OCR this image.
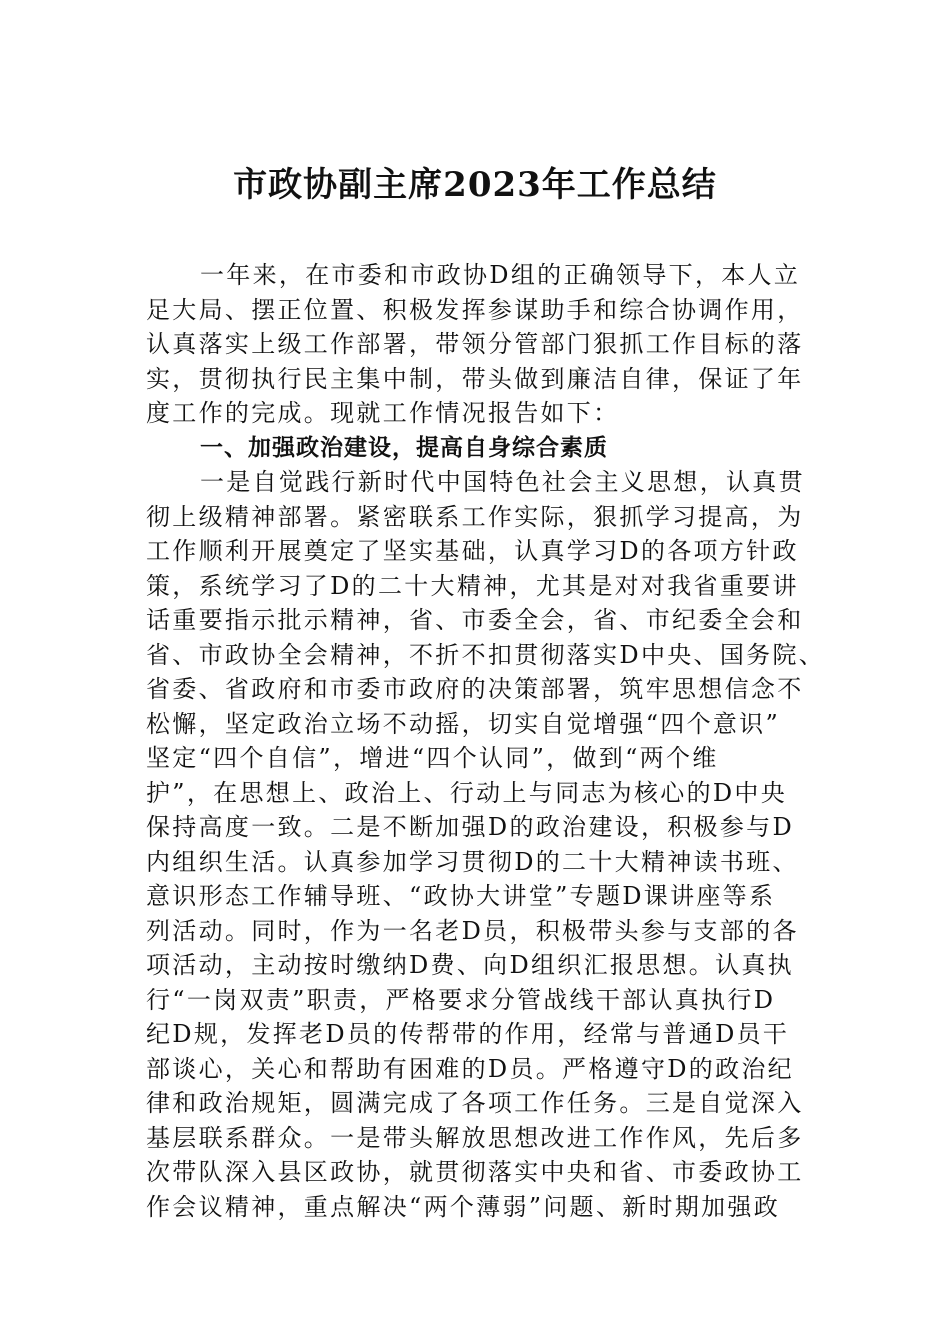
市政协副主席2023年工作总结
一年来，在市委和市政协D组的正确领导下，本人立
足大局、摆正位置、积极发挥参谋助手和综合协调作用，
认真落实上级工作部署，带领分管部门狠抓工作目标的落
实，贯彻执行民主集中制，带头做到廉洁自律，保证了年
度工作的完成。现就工作情况报告如下：
一、加强政治建设，提高自身综合素质
一是自觉践行新时代中国特色社会主义思想，认真贯
彻上级精神部署。紧密联系工作实际，狠抓学习提高，为
工作顺利开展奠定了坚实基础，认真学习D的各项方针政
策，系统学习了D的二十大精神，尤其是对对我省重要讲
话重要指示批示精神，省、市委全会，省、市纪委全会和
省、市政协全会精神，不折不扣贯彻落实D中央、国务院、
省委、省政府和市委市政府的决策部署，筑牢思想信念不
松懈，坚定政治立场不动摇，切实自觉增强“四个意识”
坚定“四个自信”，增进“四个认同”，做到“两个维
护”，在思想上、政治上、行动上与同志为核心的D中央
保持高度一致。二是不断加强D的政治建设，积极参与D
内组织生活。认真参加学习贯彻D的二十大精神读书班、
意识形态工作辅导班、“政协大讲堂”专题D课讲座等系
列活动。同时，作为一名老D员，积极带头参与支部的各
项活动，主动按时缴纳D费、向D组织汇报思想。认真执
行“一岗双责”职责，严格要求分管战线干部认真执行D
纪D规，发挥老D员的传帮带的作用，经常与普通D员干
部谈心，关心和帮助有困难的D员。严格遵守D的政治纪
律和政治规矩，圆满完成了各项工作任务。三是自觉深入
基层联系群众。一是带头解放思想改进工作作风，先后多
次带队深入县区政协，就贯彻落实中央和省、市委政协工
作会议精神，重点解决“两个薄弱”问题、新时期加强政
